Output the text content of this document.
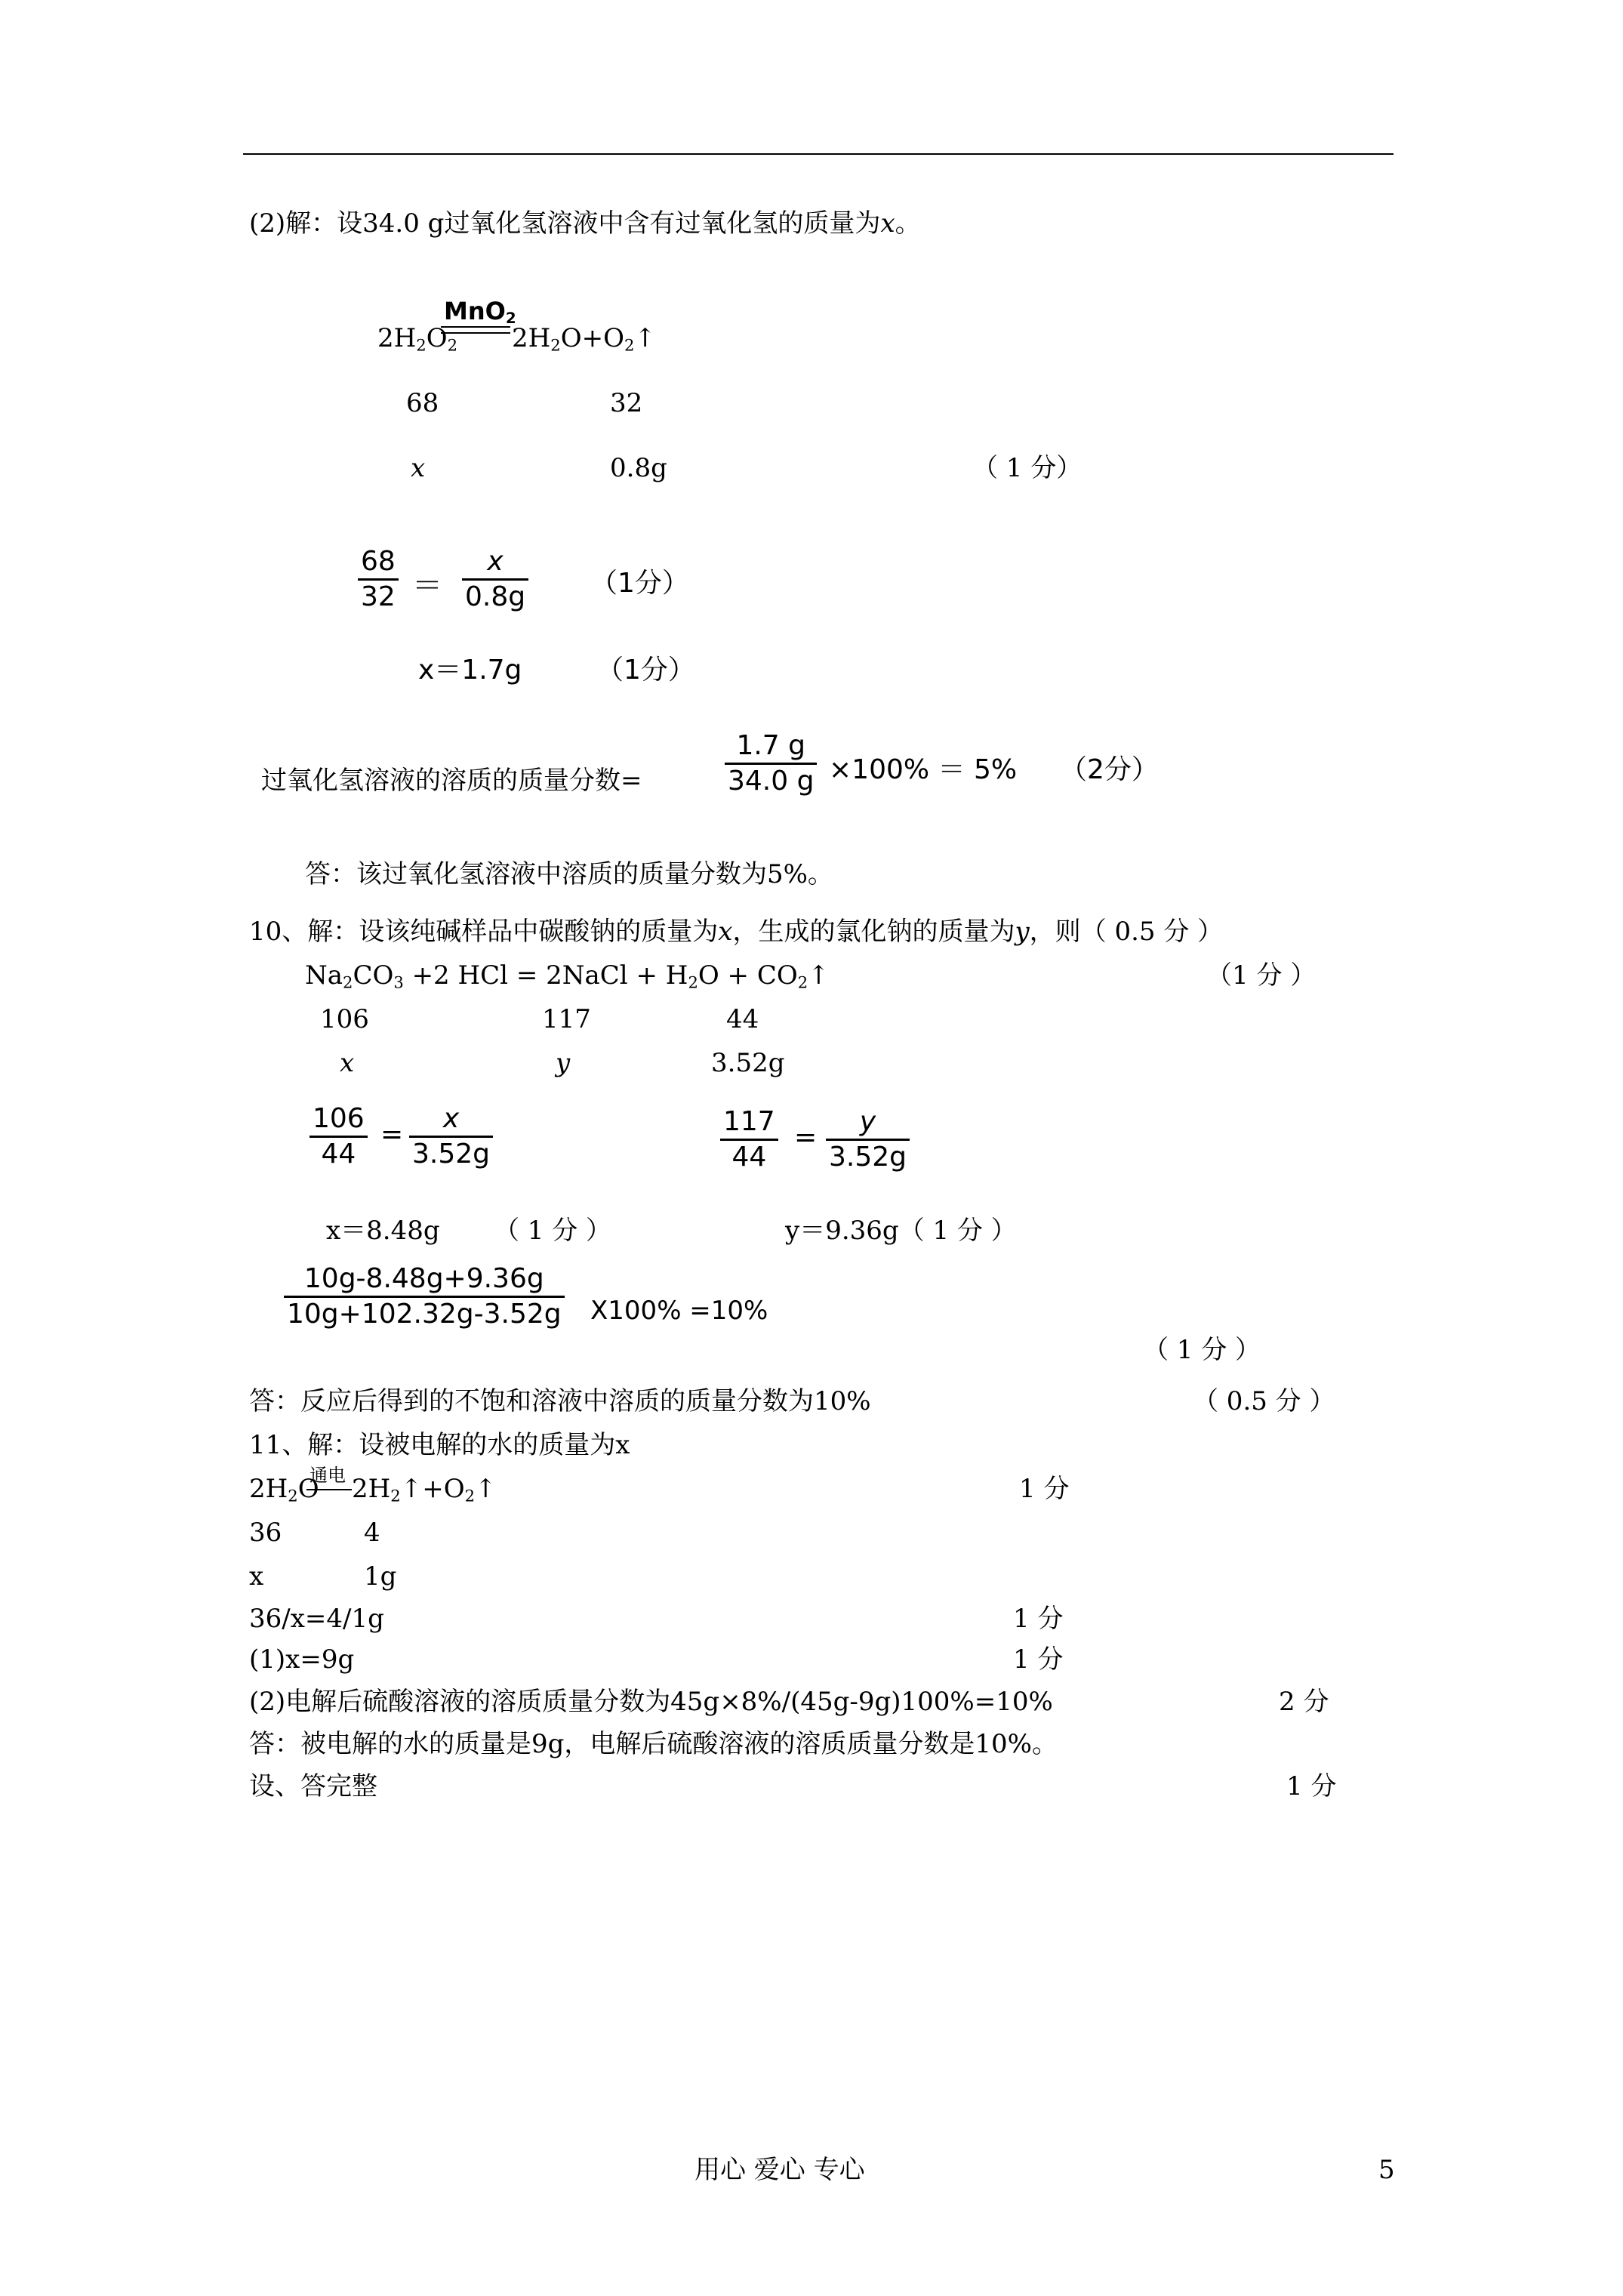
(2)解：设34.0 g过氧化氢溶液中含有过氧化氢的质量为x。
MnO$_2$
$2H_2O_2$ $2H_2O+O_2↑$
68	32
x	0.8g	（ 1 分）
68
32 ＝
x
0.8g （1分）
x＝1.7g	（1分）
过氧化氢溶液的溶质的质量分数=
1.7 g
34.0 g ×100% ＝ 5% （2分）
答：该过氧化氢溶液中溶质的质量分数为5%。
10、解：设该纯碱样品中碳酸钠的质量为x，生成的氯化钠的质量为y，则（ 0.5 分 ）
$Na_2CO_3 +2$ HCl = 2NaCl + $H_2O$ + $CO_2↑$	（1 分 ）
106	117	44
x	y	3.52g
106
44
=
x
3.52g
117
44
=
y
3.52g
x＝8.48g （ 1 分 ）	y＝9.36g（ 1 分 ）
10g-8.48g+9.36g
10g+102.32g-3.52g X100% =10%
（ 1 分 ）
答：反应后得到的不饱和溶液中溶质的质量分数为10%	（ 0.5 分 ）
11、解：设被电解的水的质量为x
$2H_2O$
通电 $2H_2↑+O_2↑$	1 分
36	4
x	1g
36/x=4/1g	1 分
(1)x=9g	1 分
(2)电解后硫酸溶液的溶质质量分数为45g×8%/(45g-9g)100%=10%	2 分
答：被电解的水的质量是9g，电解后硫酸溶液的溶质质量分数是10%。
设、答完整	1 分
用心 爱心 专心	5
